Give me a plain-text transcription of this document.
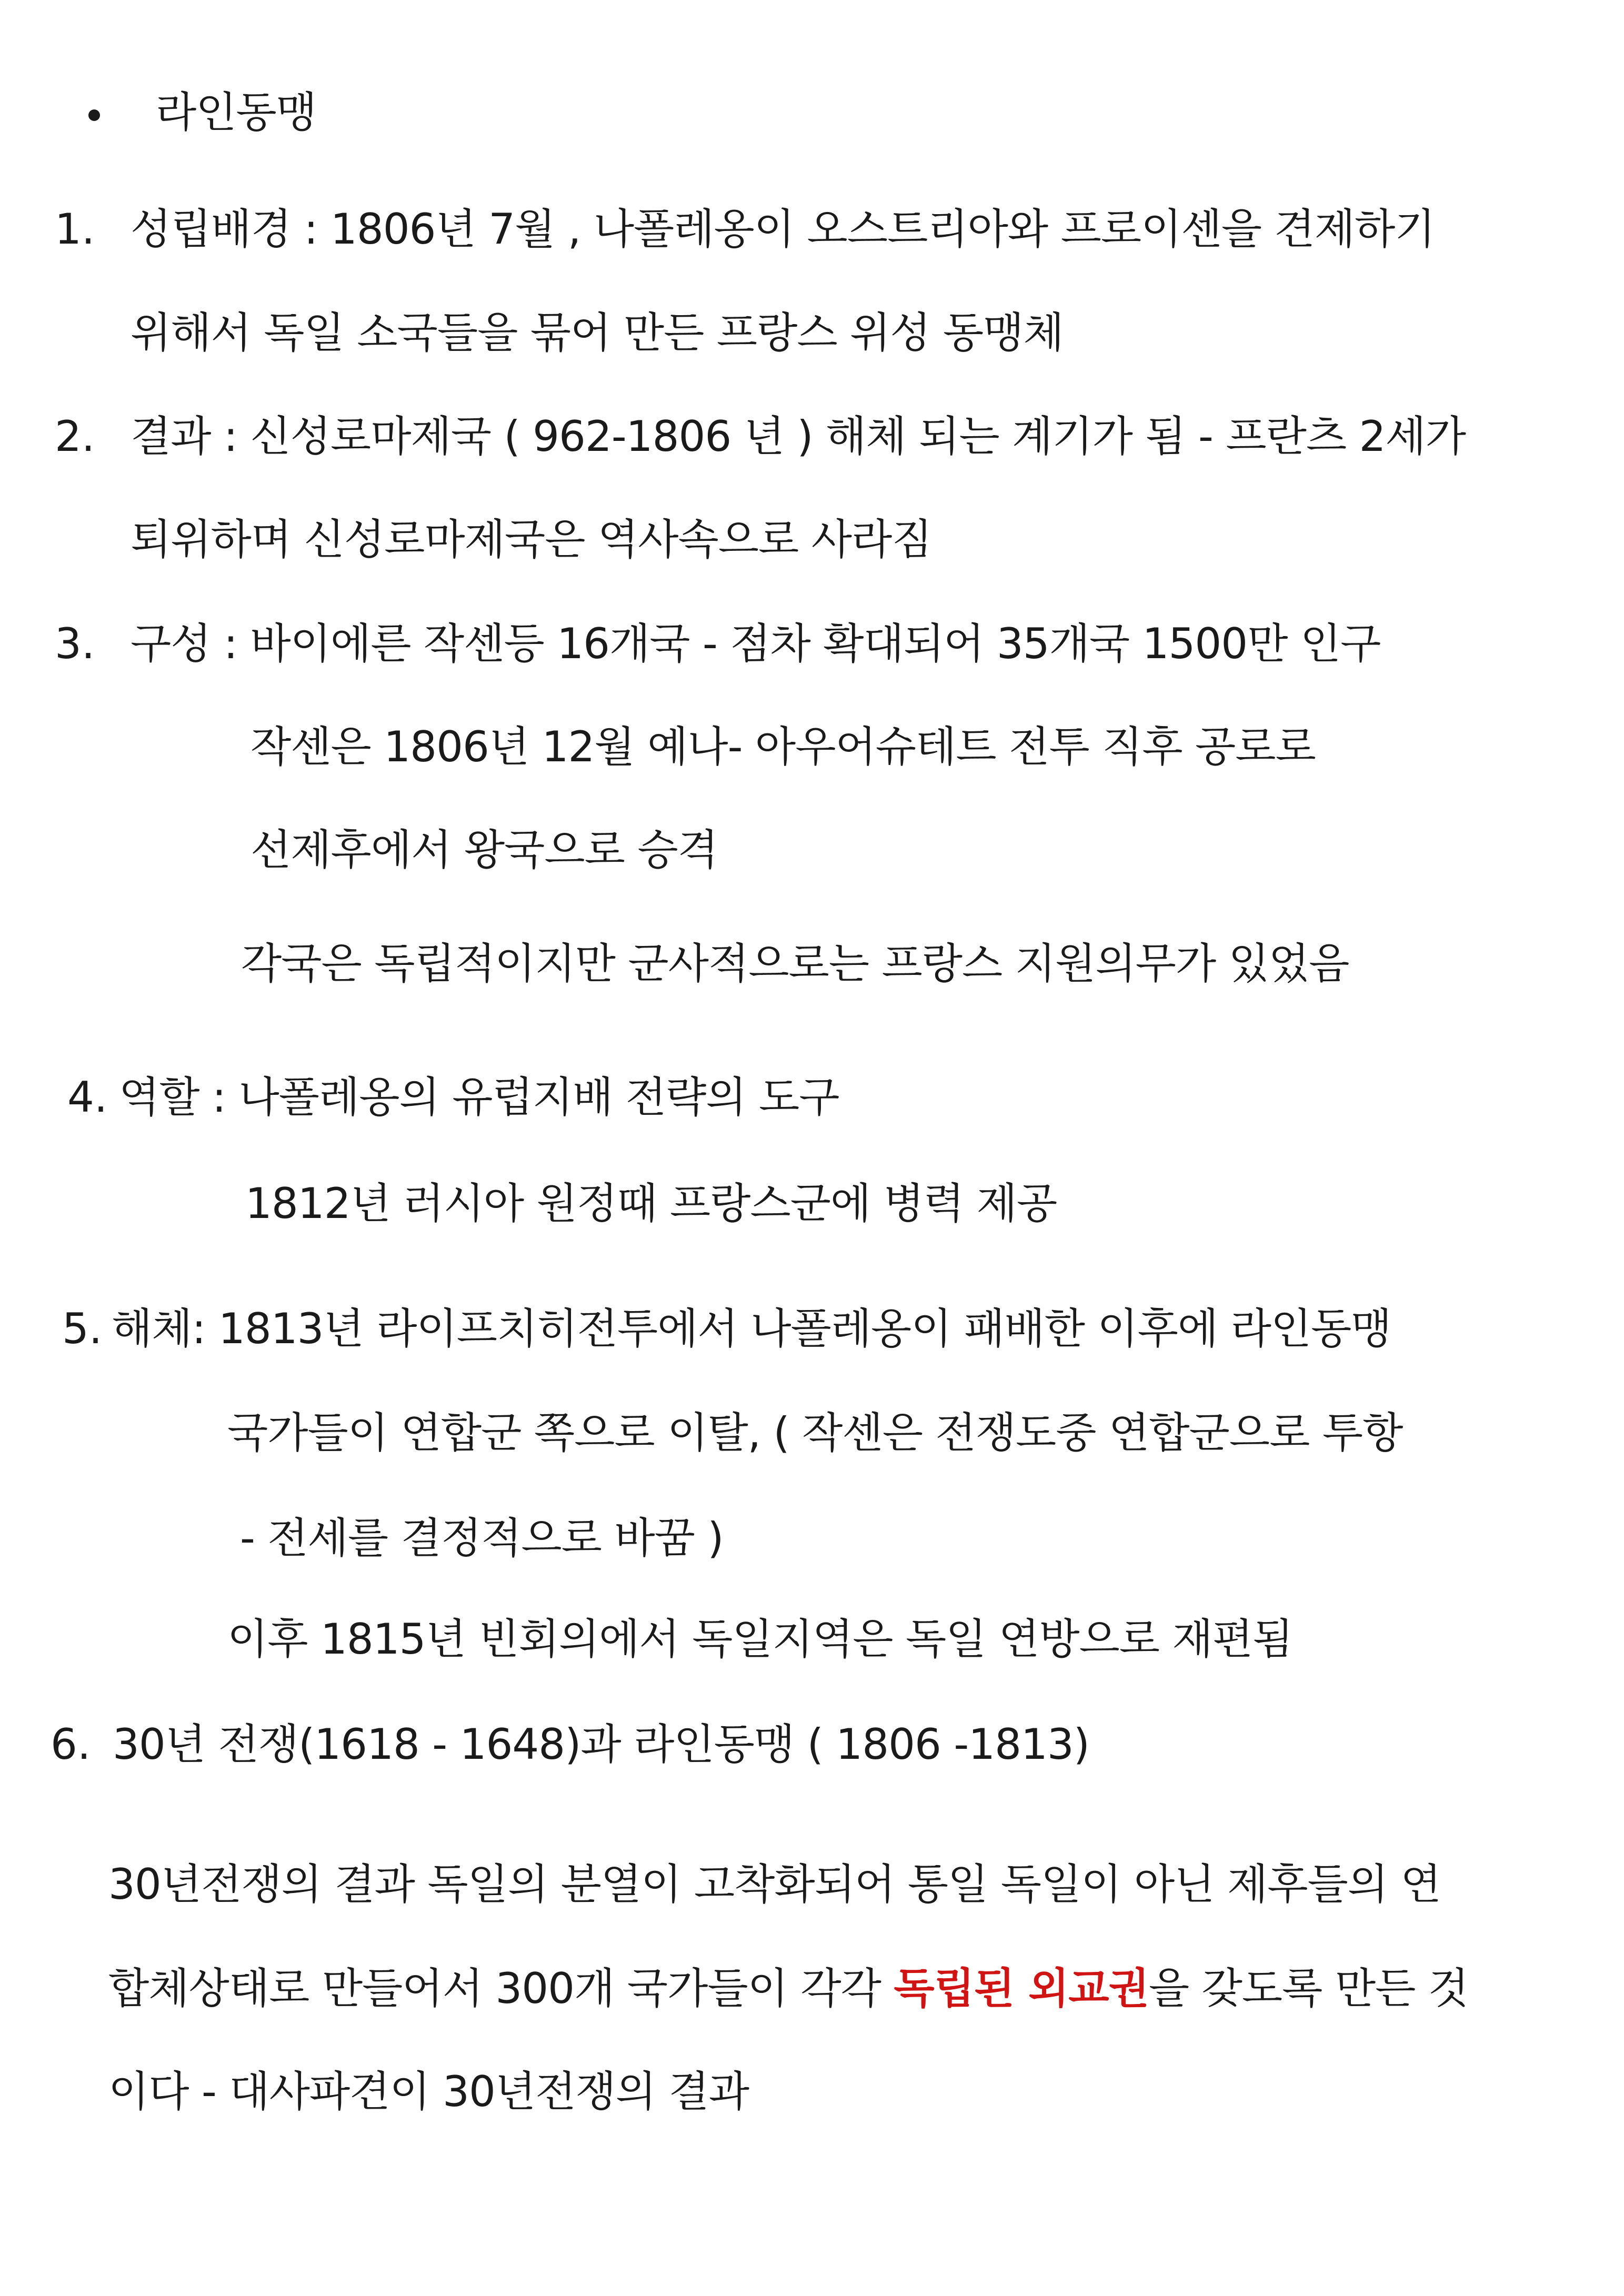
라인동맹
1. 성립배경 : 1806년 7월 , 나폴레옹이 오스트리아와 프로이센을 견제하기
위해서 독일 소국들을 묶어 만든 프랑스 위성 동맹체
2. 결과 : 신성로마제국 ( 962-1806 년 ) 해체 되는 계기가 됨 - 프란츠 2세가
퇴위하며 신성로마제국은 역사속으로 사라짐
3. 구성 : 바이에른 작센등 16개국 - 점차 확대되어 35개국 1500만 인구
작센은 1806년 12월 예나- 아우어슈테트 전투 직후 공로로
선제후에서 왕국으로 승격
각국은 독립적이지만 군사적으로는 프랑스 지원의무가 있었음
4. 역할 : 나폴레옹의 유럽지배 전략의 도구
1812년 러시아 원정때 프랑스군에 병력 제공
5. 해체: 1813년 라이프치히전투에서 나폴레옹이 패배한 이후에 라인동맹
국가들이 연합군 쪽으로 이탈, ( 작센은 전쟁도중 연합군으로 투항
- 전세를 결정적으로 바꿈 )
이후 1815년 빈회의에서 독일지역은 독일 연방으로 재편됨
6. 30년 전쟁(1618 - 1648)과 라인동맹 ( 1806 -1813)
30년전쟁의 결과 독일의 분열이 고착화되어 통일 독일이 아닌 제후들의 연
합체상태로 만들어서 300개 국가들이 각각 독립된 외교권을 갖도록 만든 것
이다 - 대사파견이 30년전쟁의 결과
